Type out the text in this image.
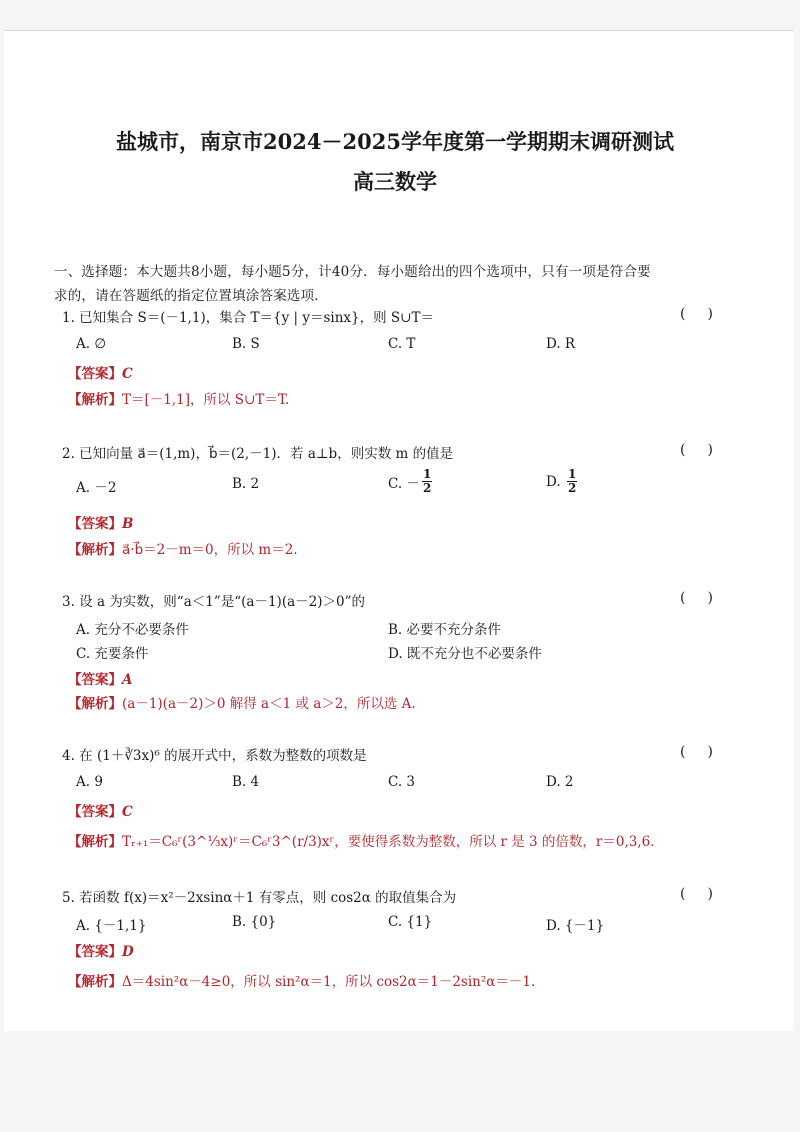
盐城市，南京市2024－2025学年度第一学期期末调研测试
高三数学
一、选择题：本大题共8小题，每小题5分，计40分．每小题给出的四个选项中，只有一项是符合要
求的，请在答题纸的指定位置填涂答案选项．
1. 已知集合 S＝(－1,1)，集合 T＝{y | y＝sinx}，则 S∪T＝	()
A. ∅	B. S	C. T	D. R
【答案】C
【解析】T＝[－1,1]，所以 S∪T＝T.
2. 已知向量 a⃗＝(1,m)，b⃗＝(2,－1)．若 a⊥b，则实数 m 的值是	()
A. －2	B. 2	C. － $\frac{1}{2}$	D. $\frac{1}{2}$
【答案】B
【解析】a⃗·b⃗＝2－m＝0，所以 m＝2.
3. 设 a 为实数，则“a＜1”是“(a－1)(a－2)＞0”的	()
A. 充分不必要条件	B. 必要不充分条件
C. 充要条件	D. 既不充分也不必要条件
【答案】A
【解析】(a－1)(a－2)＞0 解得 a＜1 或 a＞2，所以选 A.
4. 在 (1＋∛3x)⁶ 的展开式中，系数为整数的项数是	()
A. 9	B. 4	C. 3	D. 2
【答案】C
【解析】Tᵣ₊₁＝C₆ʳ(3^⅓x)ʳ＝C₆ʳ3^(r/3)xʳ，要使得系数为整数，所以 r 是 3 的倍数，r＝0,3,6.
5. 若函数 f(x)＝x²－2xsinα＋1 有零点，则 cos2α 的取值集合为	()
A. {－1,1}	B. {0}	C. {1}	D. {－1}
【答案】D
【解析】Δ＝4sin²α－4≥0，所以 sin²α＝1，所以 cos2α＝1－2sin²α＝－1.
